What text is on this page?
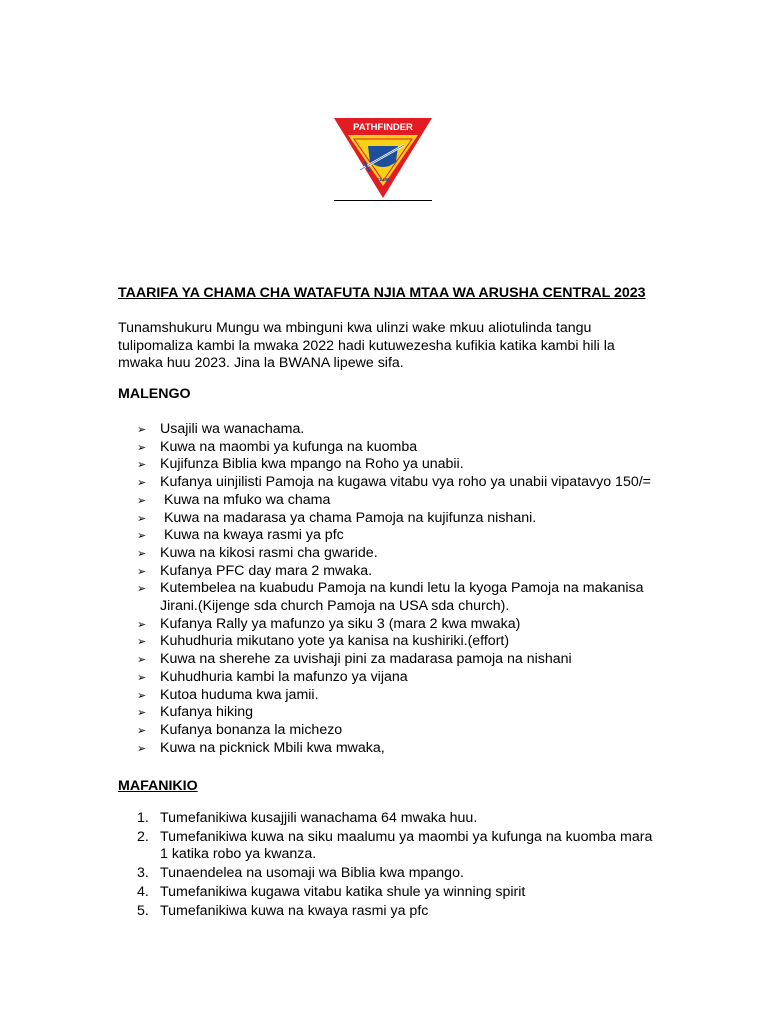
PATHFINDER
CLUB
TAARIFA YA CHAMA CHA WATAFUTA NJIA MTAA WA ARUSHA CENTRAL 2023

Tunamshukuru Mungu wa mbinguni kwa ulinzi wake mkuu aliotulinda tangu tulipomaliza kambi la mwaka 2022 hadi kutuwezesha kufikia katika kambi hili la mwaka huu 2023. Jina la BWANA lipewe sifa.

MALENGO
➢ Usajili wa wanachama.
➢ Kuwa na maombi ya kufunga na kuomba
➢ Kujifunza Biblia kwa mpango na Roho ya unabii.
➢ Kufanya uinjilisti Pamoja na kugawa vitabu vya roho ya unabii vipatavyo 150/=
➢ Kuwa na mfuko wa chama
➢ Kuwa na madarasa ya chama Pamoja na kujifunza nishani.
➢ Kuwa na kwaya rasmi ya pfc
➢ Kuwa na kikosi rasmi cha gwaride.
➢ Kufanya PFC day mara 2 mwaka.
➢ Kutembelea na kuabudu Pamoja na kundi letu la kyoga Pamoja na makanisa Jirani.(Kijenge sda church Pamoja na USA sda church).
➢ Kufanya Rally ya mafunzo ya siku 3 (mara 2 kwa mwaka)
➢ Kuhudhuria mikutano yote ya kanisa na kushiriki.(effort)
➢ Kuwa na sherehe za uvishaji pini za madarasa pamoja na nishani
➢ Kuhudhuria kambi la mafunzo ya vijana
➢ Kutoa huduma kwa jamii.
➢ Kufanya hiking
➢ Kufanya bonanza la michezo
➢ Kuwa na picknick Mbili kwa mwaka,
MAFANIKIO
1. Tumefanikiwa kusajjili wanachama 64 mwaka huu.
2. Tumefanikiwa kuwa na siku maalumu ya maombi ya kufunga na kuomba mara 1 katika robo ya kwanza.
3. Tunaendelea na usomaji wa Biblia kwa mpango.
4. Tumefanikiwa kugawa vitabu katika shule ya winning spirit
5. Tumefanikiwa kuwa na kwaya rasmi ya pfc
